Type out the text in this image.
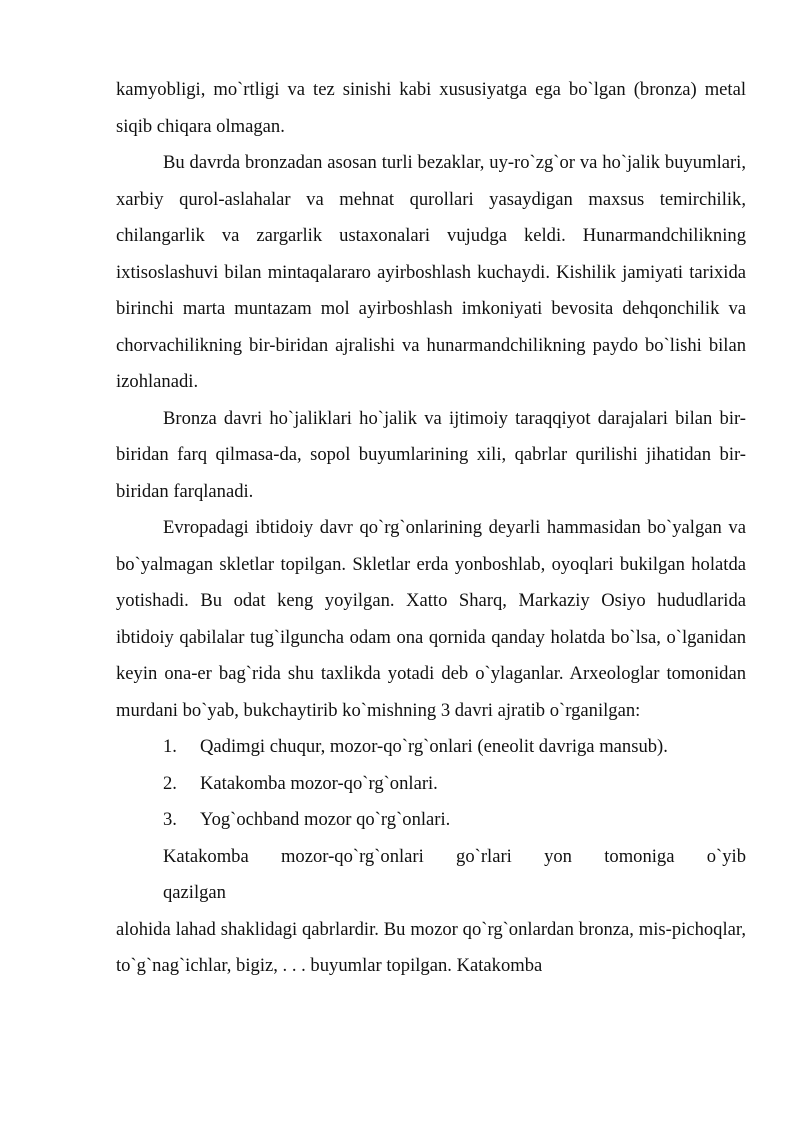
kamyobligi, mo`rtligi va tez sinishi kabi xususiyatga ega bo`lgan (bronza) metal siqib chiqara olmagan.

Bu davrda bronzadan asosan turli bezaklar, uy-ro`zg`or va ho`jalik buyumlari, xarbiy qurol-aslahalar va mehnat qurollari yasaydigan maxsus temirchilik, chilangarlik va zargarlik ustaxonalari vujudga keldi. Hunarmandchilikning ixtisoslashuvi bilan mintaqalararo ayirboshlash kuchaydi. Kishilik jamiyati tarixida birinchi marta muntazam mol ayirboshlash imkoniyati bevosita dehqonchilik va chorvachilikning bir-biridan ajralishi va hunarmandchilikning paydo bo`lishi bilan izohlanadi.

Bronza davri ho`jaliklari ho`jalik va ijtimoiy taraqqiyot darajalari bilan bir-biridan farq qilmasa-da, sopol buyumlarining xili, qabrlar qurilishi jihatidan bir-biridan farqlanadi.

Evropadagi ibtidoiy davr qo`rg`onlarining deyarli hammasidan bo`yalgan va bo`yalmagan skletlar topilgan. Skletlar erda yonboshlab, oyoqlari bukilgan holatda yotishadi. Bu odat keng yoyilgan. Xatto Sharq, Markaziy Osiyo hududlarida ibtidoiy qabilalar tug`ilguncha odam ona qornida qanday holatda bo`lsa, o`lganidan keyin ona-er bag`rida shu taxlikda yotadi deb o`ylaganlar. Arxeologlar tomonidan murdani bo`yab, bukchaytirib ko`mishning 3 davri ajratib o`rganilgan:

1. Qadimgi chuqur, mozor-qo`rg`onlari (eneolit davriga mansub).
2. Katakomba mozor-qo`rg`onlari.
3. Yog`ochband mozor qo`rg`onlari.
Katakomba mozor-qo`rg`onlari go`rlari yon tomoniga o`yib
qazilgan

alohida lahad shaklidagi qabrlardir. Bu mozor qo`rg`onlardan bronza, mis-pichoqlar, to`g`nag`ichlar, bigiz, . . . buyumlar topilgan. Katakomba
